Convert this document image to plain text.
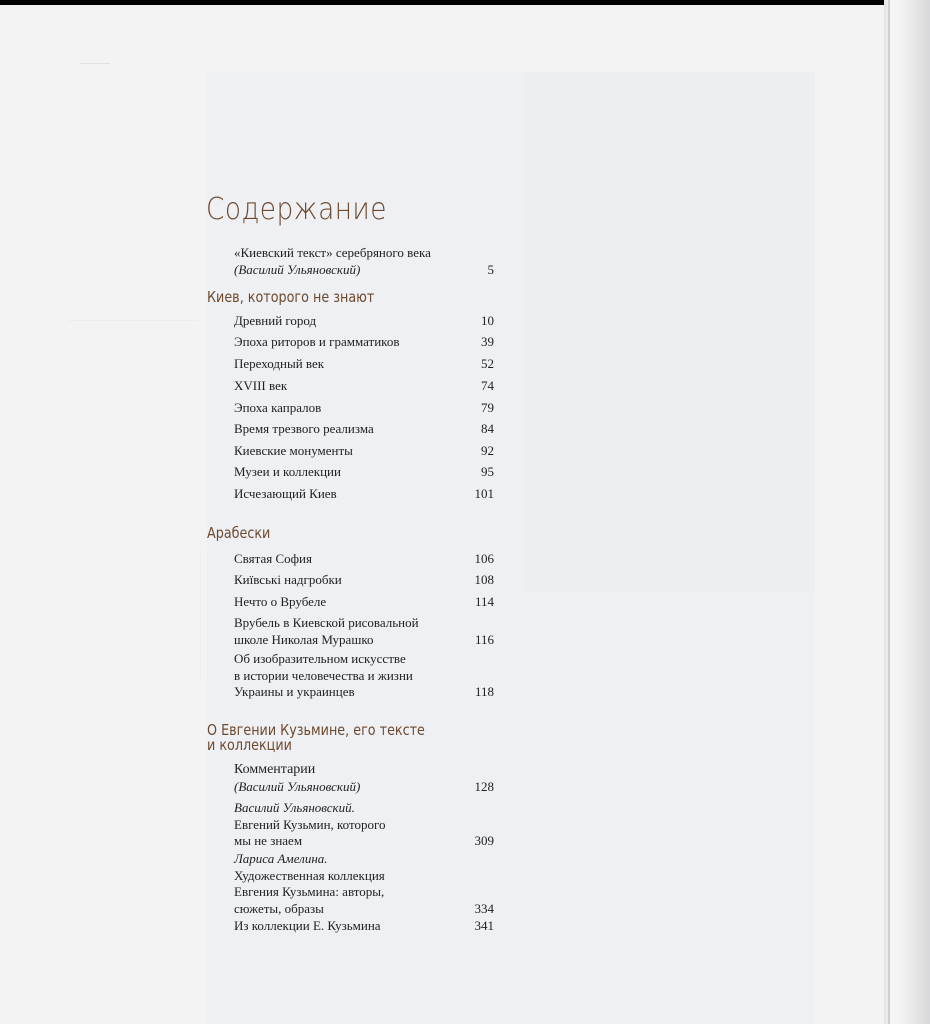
Содержание
«Киевский текст» серебряного века
(Василий Ульяновский)	5
Киев, которого не знают
Древний город	10
Эпоха риторов и грамматиков	39
Переходный век	52
XVIII век	74
Эпоха капралов	79
Время трезвого реализма	84
Киевские монументы	92
Музеи и коллекции	95
Исчезающий Киев	101
Арабески
Святая София	106
Київські надгробки	108
Нечто о Врубеле	114
Врубель в Киевской рисовальной
школе Николая Мурашко	116
Об изобразительном искусстве
в истории человечества и жизни
Украины и украинцев	118
О Евгении Кузьмине, его тексте
и коллекции
Комментарии
(Василий Ульяновский)	128
Василий Ульяновский.
Евгений Кузьмин, которого
мы не знаем	309
Лариса Амелина.
Художественная коллекция
Евгения Кузьмина: авторы,
сюжеты, образы	334
Из коллекции Е. Кузьмина	341
